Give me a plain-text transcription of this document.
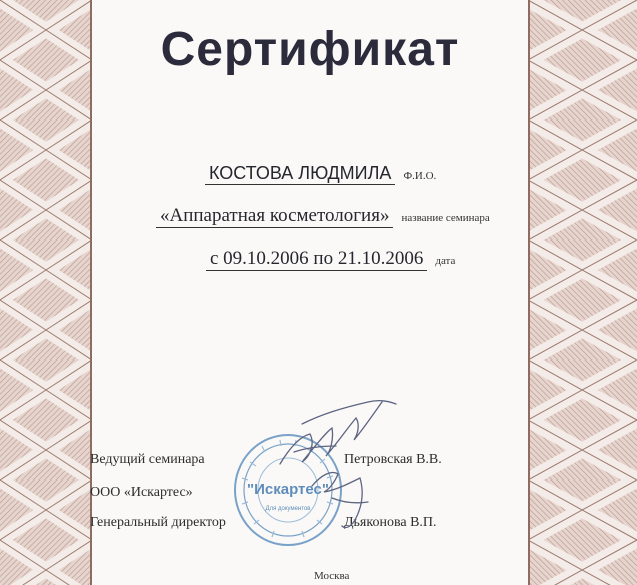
Сертификат
КОСТОВА ЛЮДМИЛА Ф.И.О.
«Аппаратная косметология» название семинара
с 09.10.2006 по 21.10.2006 дата
Ведущий семинара	Петровская В.В.
ООО «Искартес»
Генеральный директор	Дьяконова В.П.
"Искартес"
Для документов
Москва
